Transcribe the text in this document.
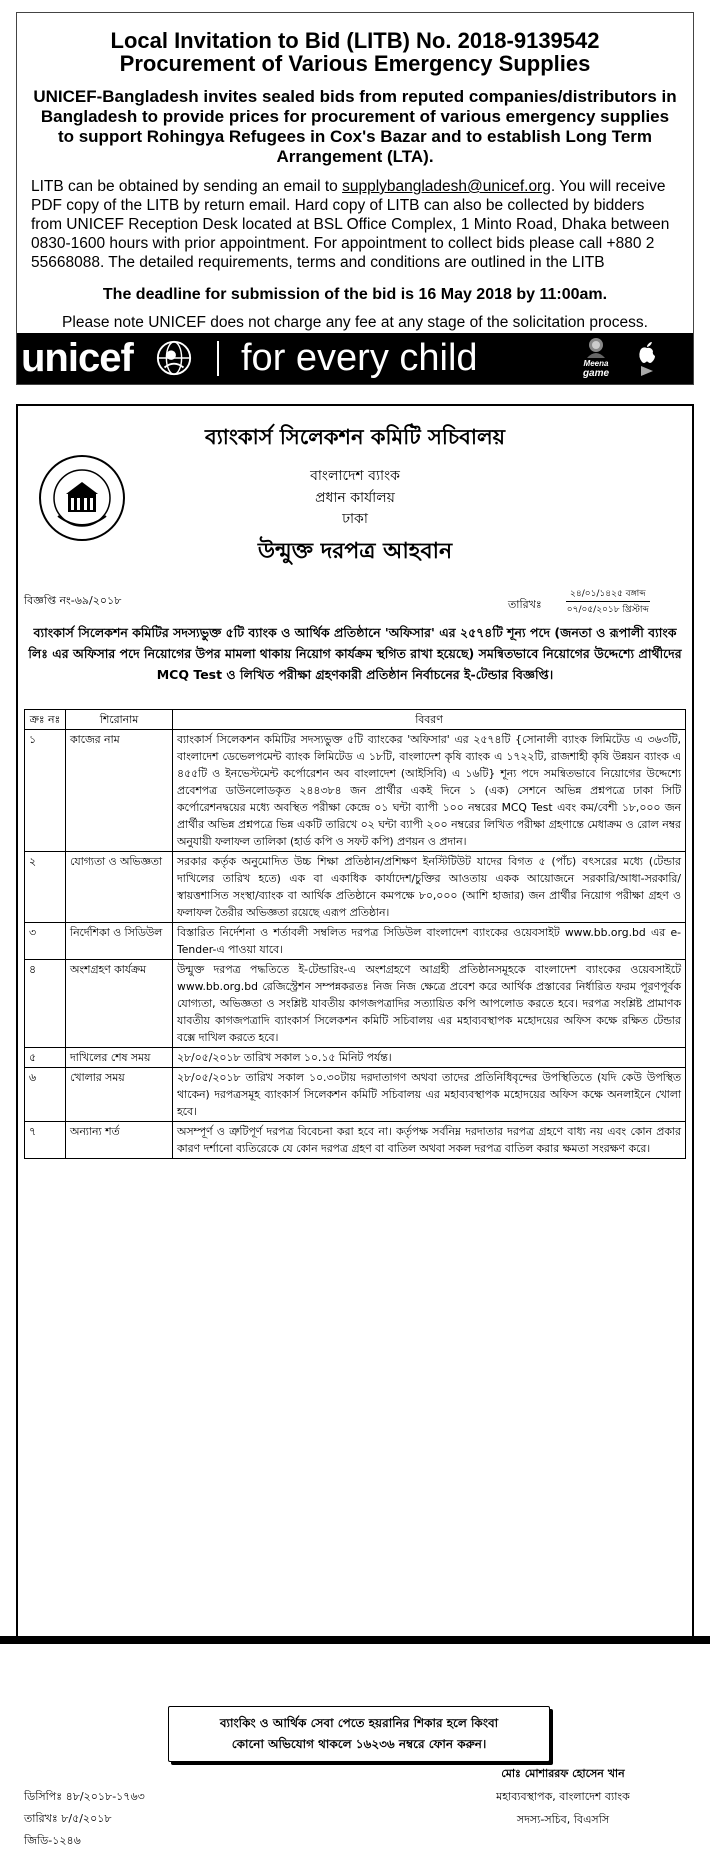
Local Invitation to Bid (LITB) No. 2018-9139542
Procurement of Various Emergency Supplies
UNICEF-Bangladesh invites sealed bids from reputed companies/distributors in Bangladesh to provide prices for procurement of various emergency supplies to support Rohingya Refugees in Cox's Bazar and to establish Long Term Arrangement (LTA).
LITB can be obtained by sending an email to supplybangladesh@unicef.org. You will receive PDF copy of the LITB by return email. Hard copy of LITB can also be collected by bidders from UNICEF Reception Desk located at BSL Office Complex, 1 Minto Road, Dhaka between 0830-1600 hours with prior appointment. For appointment to collect bids please call +880 2 55668088. The detailed requirements, terms and conditions are outlined in the LITB
The deadline for submission of the bid is 16 May 2018 by 11:00am.
Please note UNICEF does not charge any fee at any stage of the solicitation process.
unicef	for every child	Meena
game
ব্যাংকার্স সিলেকশন কমিটি সচিবালয়
বাংলাদেশ ব্যাংক
প্রধান কার্যালয়
ঢাকা
উন্মুক্ত দরপত্র আহবান
বিজ্ঞপ্তি নং-৬৯/২০১৮	তারিখঃ
২৪/০১/১৪২৫ বঙ্গাব্দ
০৭/০৫/২০১৮ খ্রিস্টাব্দ
ব্যাংকার্স সিলেকশন কমিটির সদস্যভুক্ত ৫টি ব্যাংক ও আর্থিক প্রতিষ্ঠানে 'অফিসার' এর ২৫৭৪টি শূন্য পদে (জনতা ও রূপালী ব্যাংক লিঃ এর অফিসার পদে নিয়োগের উপর মামলা থাকায় নিয়োগ কার্যক্রম স্থগিত রাখা হয়েছে) সমন্বিতভাবে নিয়োগের উদ্দেশ্যে প্রার্থীদের MCQ Test ও লিখিত পরীক্ষা গ্রহণকারী প্রতিষ্ঠান নির্বাচনের ই-টেন্ডার বিজ্ঞপ্তি।
ক্রঃ নঃ	শিরোনাম	বিবরণ
১	কাজের নাম	ব্যাংকার্স সিলেকশন কমিটির সদস্যভুক্ত ৫টি ব্যাংকের 'অফিসার' এর ২৫৭৪টি {সোনালী ব্যাংক লিমিটেড এ ৩৬৩টি, বাংলাদেশ ডেভেলপমেন্ট ব্যাংক লিমিটেড এ ১৮টি, বাংলাদেশ কৃষি ব্যাংক এ ১৭২২টি, রাজশাহী কৃষি উন্নয়ন ব্যাংক এ ৪৫৫টি ও ইনভেস্টমেন্ট কর্পোরেশন অব বাংলাদেশ (আইসিবি) এ ১৬টি} শূন্য পদে সমন্বিতভাবে নিয়োগের উদ্দেশ্যে প্রবেশপত্র ডাউনলোডকৃত ২৪৪৩৮৪ জন প্রার্থীর একই দিনে ১ (এক) সেশনে অভিন্ন প্রশ্নপত্রে ঢাকা সিটি কর্পোরেশনদ্বয়ের মধ্যে অবস্থিত পরীক্ষা কেন্দ্রে ০১ ঘন্টা ব্যাপী ১০০ নম্বরের MCQ Test এবং কম/বেশী ১৮,০০০ জন প্রার্থীর অভিন্ন প্রশ্নপত্রে ভিন্ন একটি তারিখে ০২ ঘন্টা ব্যাপী ২০০ নম্বরের লিখিত পরীক্ষা গ্রহণান্তে মেধাক্রম ও রোল নম্বর অনুযায়ী ফলাফল তালিকা (হার্ড কপি ও সফট কপি) প্রণয়ন ও প্রদান।
২	যোগ্যতা ও অভিজ্ঞতা	সরকার কর্তৃক অনুমোদিত উচ্চ শিক্ষা প্রতিষ্ঠান/প্রশিক্ষণ ইনস্টিটিউট যাদের বিগত ৫ (পাঁচ) বৎসরের মধ্যে (টেন্ডার দাখিলের তারিখ হতে) এক বা একাধিক কার্যাদেশ/চুক্তির আওতায় একক আয়োজনে সরকারি/আধা-সরকারি/স্বায়ত্তশাসিত সংস্থা/ব্যাংক বা আর্থিক প্রতিষ্ঠানে কমপক্ষে ৮০,০০০ (আশি হাজার) জন প্রার্থীর নিয়োগ পরীক্ষা গ্রহণ ও ফলাফল তৈরীর অভিজ্ঞতা রয়েছে এরূপ প্রতিষ্ঠান।
৩	নির্দেশিকা ও সিডিউল	বিস্তারিত নির্দেশনা ও শর্তাবলী সম্বলিত দরপত্র সিডিউল বাংলাদেশ ব্যাংকের ওয়েবসাইট www.bb.org.bd এর e-Tender-এ পাওয়া যাবে।
৪	অংশগ্রহণ কার্যক্রম	উন্মুক্ত দরপত্র পদ্ধতিতে ই-টেন্ডারিং-এ অংশগ্রহণে আগ্রহী প্রতিষ্ঠানসমূহকে বাংলাদেশ ব্যাংকের ওয়েবসাইটে www.bb.org.bd রেজিস্ট্রেশন সম্পন্নকরতঃ নিজ নিজ ক্ষেত্রে প্রবেশ করে আর্থিক প্রস্তাবের নির্ধারিত ফরম পূরণপূর্বক যোগ্যতা, অভিজ্ঞতা ও সংশ্লিষ্ট যাবতীয় কাগজপত্রাদির সত্যায়িত কপি আপলোড করতে হবে। দরপত্র সংশ্লিষ্ট প্রামাণক যাবতীয় কাগজপত্রাদি ব্যাংকার্স সিলেকশন কমিটি সচিবালয় এর মহাব্যবস্থাপক মহোদয়ের অফিস কক্ষে রক্ষিত টেন্ডার বক্সে দাখিল করতে হবে।
৫	দাখিলের শেষ সময়	২৮/০৫/২০১৮ তারিখ সকাল ১০.১৫ মিনিট পর্যন্ত।
৬	খোলার সময়	২৮/০৫/২০১৮ তারিখ সকাল ১০.৩০টায় দরদাতাগণ অথবা তাদের প্রতিনিধিবৃন্দের উপস্থিতিতে (যদি কেউ উপস্থিত থাকেন) দরপত্রসমূহ ব্যাংকার্স সিলেকশন কমিটি সচিবালয় এর মহাব্যবস্থাপক মহোদয়ের অফিস কক্ষে অনলাইনে খোলা হবে।
৭	অন্যান্য শর্ত	অসম্পূর্ণ ও ত্রুটিপূর্ণ দরপত্র বিবেচনা করা হবে না। কর্তৃপক্ষ সর্বনিম্ন দরদাতার দরপত্র গ্রহণে বাধ্য নয় এবং কোন প্রকার কারণ দর্শানো ব্যতিরেকে যে কোন দরপত্র গ্রহণ বা বাতিল অথবা সকল দরপত্র বাতিল করার ক্ষমতা সংরক্ষণ করে।
ব্যাংকিং ও আর্থিক সেবা পেতে হয়রানির শিকার হলে কিংবা
কোনো অভিযোগ থাকলে ১৬২৩৬ নম্বরে ফোন করুন।
মোঃ মোশাররফ হোসেন খান
মহাব্যবস্থাপক, বাংলাদেশ ব্যাংক
সদস্য-সচিব, বিএসসি
ডিসিপিঃ ৪৮/২০১৮-১৭৬৩
তারিখঃ ৮/৫/২০১৮
জিডি-১২৪৬
